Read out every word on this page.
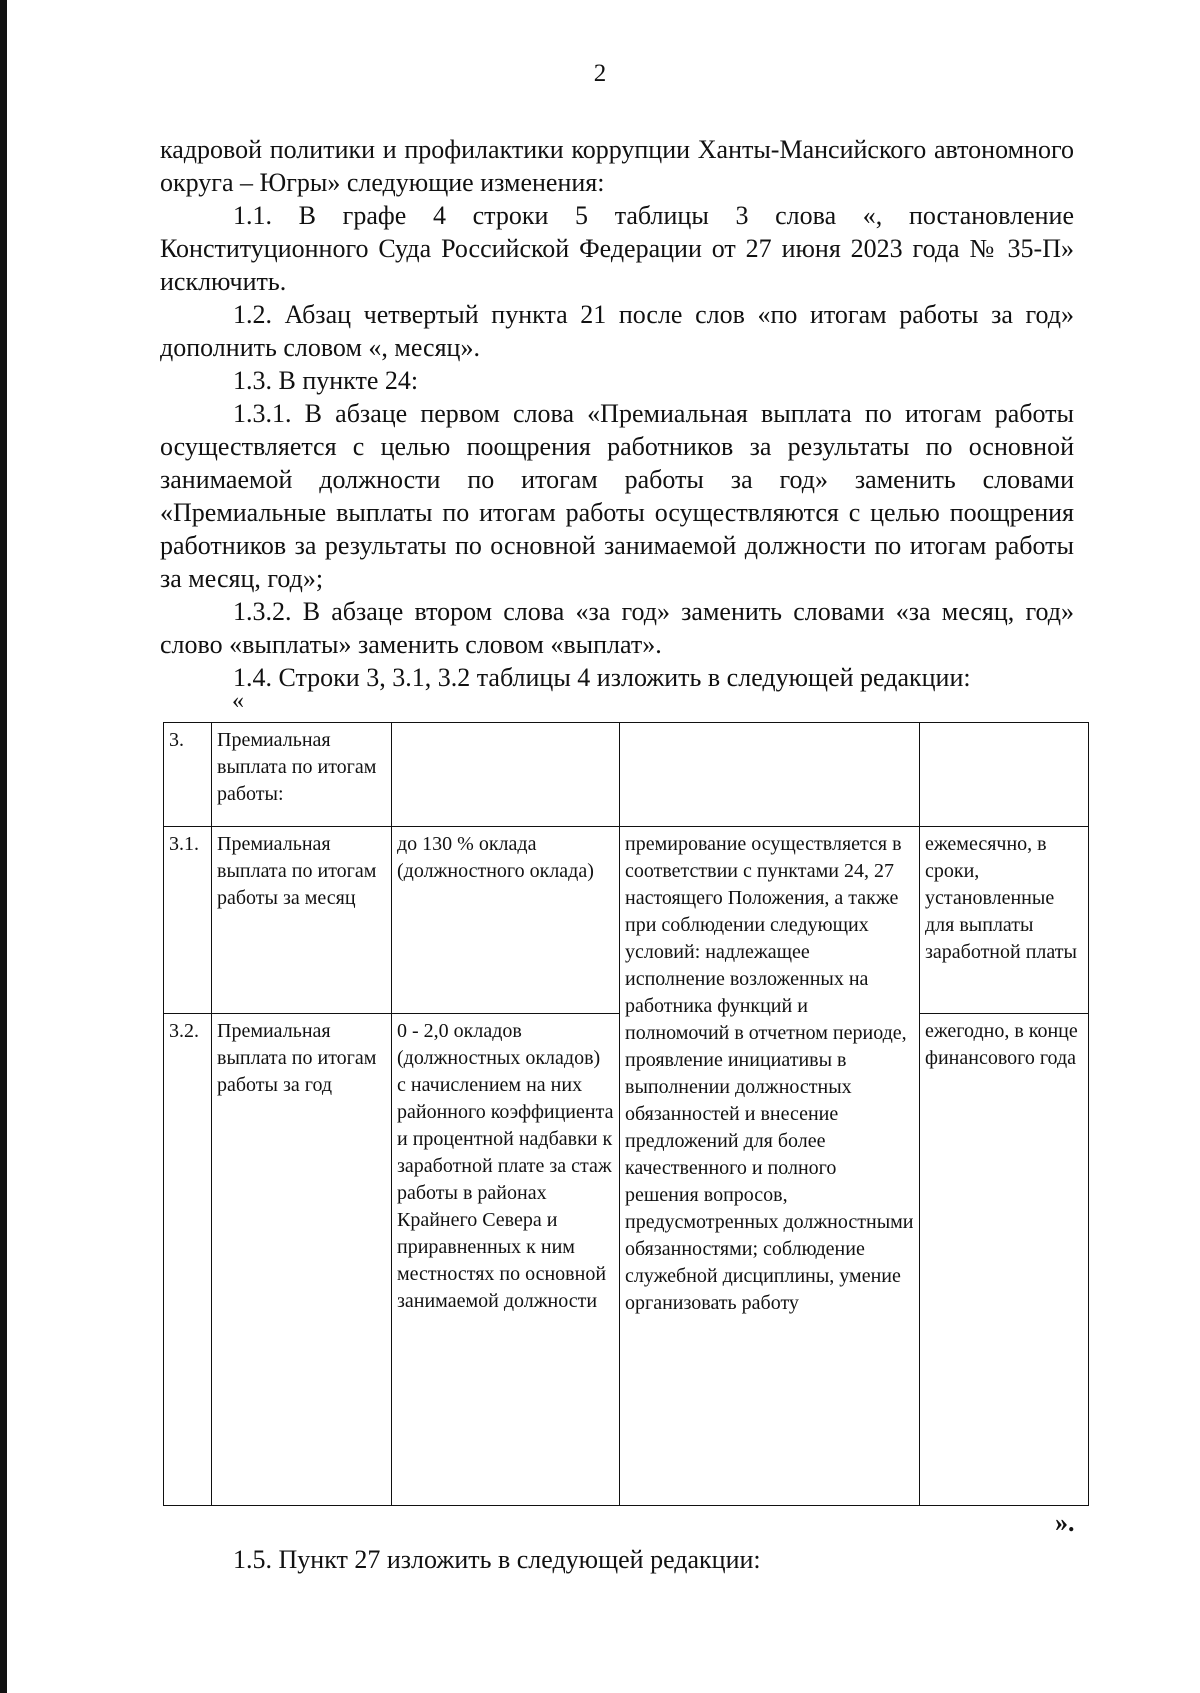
2

кадровой политики и профилактики коррупции Ханты-Мансийского автономного округа – Югры» следующие изменения:

1.1. В графе 4 строки 5 таблицы 3 слова «, постановление Конституционного Суда Российской Федерации от 27 июня 2023 года № 35-П» исключить.

1.2. Абзац четвертый пункта 21 после слов «по итогам работы за год» дополнить словом «, месяц».

1.3. В пункте 24:

1.3.1. В абзаце первом слова «Премиальная выплата по итогам работы осуществляется с целью поощрения работников за результаты по основной занимаемой должности по итогам работы за год» заменить словами «Премиальные выплаты по итогам работы осуществляются с целью поощрения работников за результаты по основной занимаемой должности по итогам работы за месяц, год»;

1.3.2. В абзаце втором слова «за год» заменить словами «за месяц, год» слово «выплаты» заменить словом «выплат».

1.4. Строки 3, 3.1, 3.2 таблицы 4 изложить в следующей редакции:

«
3.	Премиальная выплата по итогам работы:			
3.1.	Премиальная выплата по итогам работы за месяц	до 130 % оклада (должностного оклада)	премирование осуществляется в соответствии с пунктами 24, 27 настоящего Положения, а также при соблюдении следующих условий: надлежащее исполнение возложенных на работника функций и полномочий в отчетном периоде, проявление инициативы в выполнении должностных обязанностей и внесение предложений для более качественного и полного решения вопросов, предусмотренных должностными обязанностями; соблюдение служебной дисциплины, умение организовать работу	ежемесячно, в сроки, установленные для выплаты заработной платы
3.2.	Премиальная выплата по итогам работы за год	0 - 2,0 окладов (должностных окладов) с начислением на них районного коэффициента и процентной надбавки к заработной плате за стаж работы в районах Крайнего Севера и приравненных к ним местностях по основной занимаемой должности		ежегодно, в конце финансового года
».
1.5. Пункт 27 изложить в следующей редакции:
